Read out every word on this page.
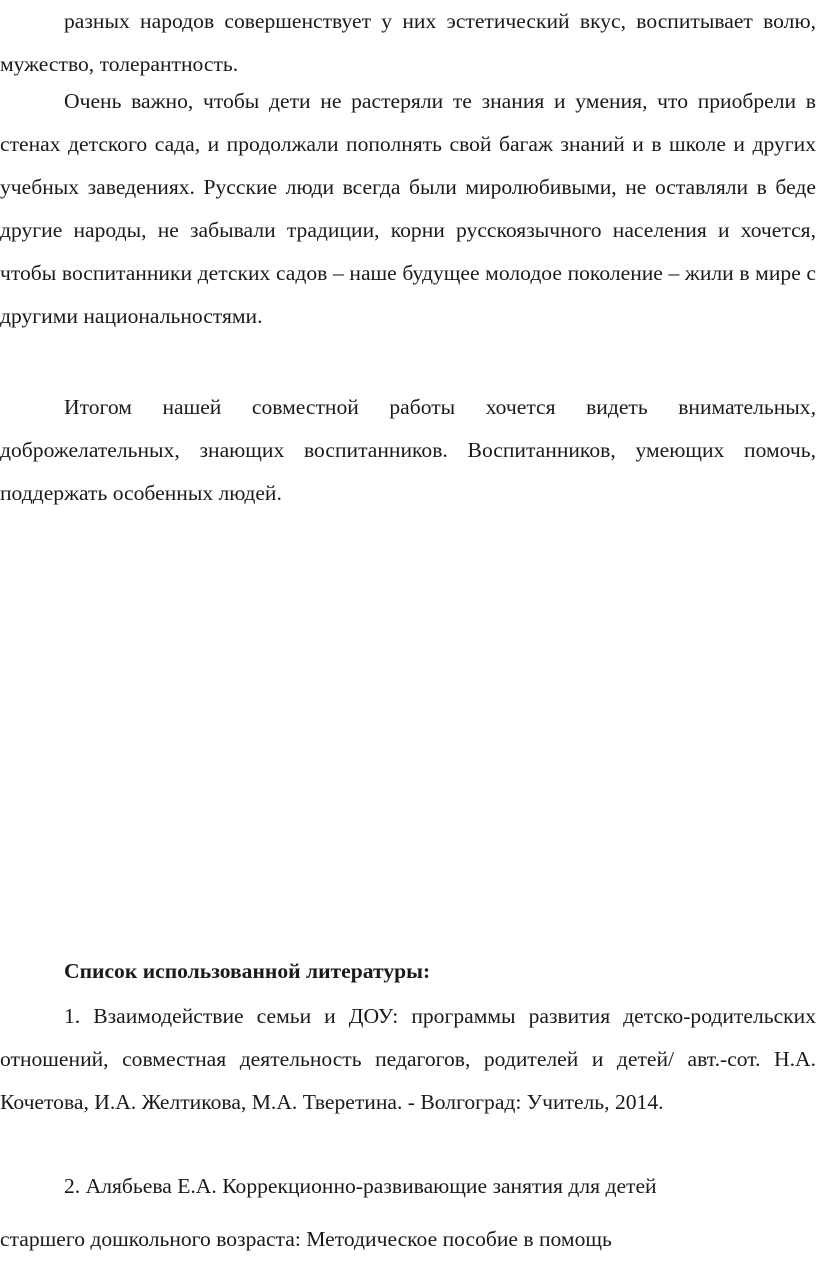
разных народов совершенствует у них эстетический вкус, воспитывает волю, мужество, толерантность.

Очень важно, чтобы дети не растеряли те знания и умения, что приобрели в стенах детского сада, и продолжали пополнять свой багаж знаний и в школе и других учебных заведениях. Русские люди всегда были миролюбивыми, не оставляли в беде другие народы, не забывали традиции, корни русскоязычного населения и хочется, чтобы воспитанники детских садов – наше будущее молодое поколение – жили в мире с другими национальностями.

Итогом нашей совместной работы хочется видеть внимательных, доброжелательных, знающих воспитанников. Воспитанников, умеющих помочь, поддержать особенных людей.

Список использованной литературы:

1. Взаимодействие семьи и ДОУ: программы развития детско-родительских отношений, совместная деятельность педагогов, родителей и детей/ авт.-сот. Н.А. Кочетова, И.А. Желтикова, М.А. Тверетина. - Волгоград: Учитель, 2014.

2. Алябьева Е.А. Коррекционно-развивающие занятия для детей

старшего дошкольного возраста: Методическое пособие в помощь
